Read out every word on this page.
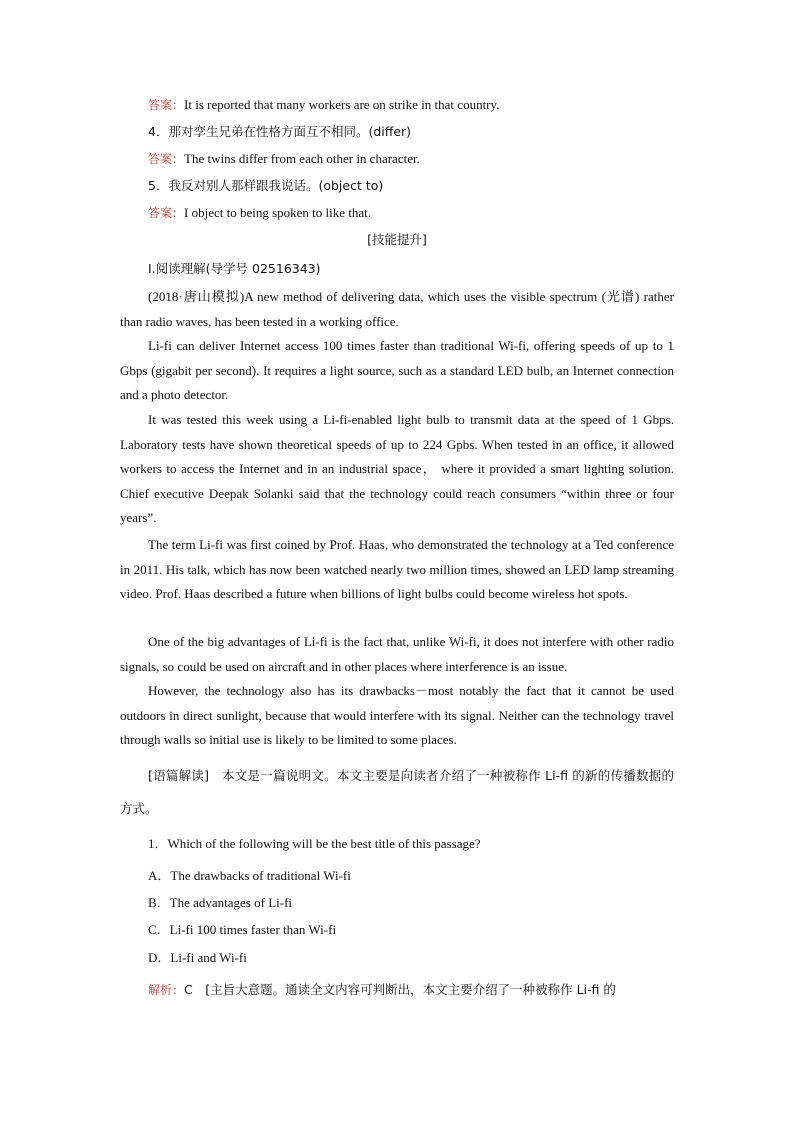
答案：It is reported that many workers are on strike in that country.
4．那对孪生兄弟在性格方面互不相同。(differ)
答案：The twins differ from each other in character.
5．我反对别人那样跟我说话。(object to)
答案：I object to being spoken to like that.
[技能提升]
Ⅰ.阅读理解(导学号 02516343)
(2018·唐山模拟)A new method of delivering data, which uses the visible spectrum (光谱) rather than radio waves, has been tested in a working office.
Li-fi can deliver Internet access 100 times faster than traditional Wi-fi, offering speeds of up to 1 Gbps (gigabit per second). It requires a light source, such as a standard LED bulb, an Internet connection and a photo detector.
It was tested this week using a Li-fi-enabled light bulb to transmit data at the speed of 1 Gbps. Laboratory tests have shown theoretical speeds of up to 224 Gpbs. When tested in an office, it allowed workers to access the Internet and in an industrial space， where it provided a smart lighting solution. Chief executive Deepak Solanki said that the technology could reach consumers “within three or four years”.
The term Li-fi was first coined by Prof. Haas, who demonstrated the technology at a Ted conference in 2011. His talk, which has now been watched nearly two million times, showed an LED lamp streaming video. Prof. Haas described a future when billions of light bulbs could become wireless hot spots.
One of the big advantages of Li-fi is the fact that, unlike Wi-fi, it does not interfere with other radio signals, so could be used on aircraft and in other places where interference is an issue.
However, the technology also has its drawbacks－most notably the fact that it cannot be used outdoors in direct sunlight, because that would interfere with its signal. Neither can the technology travel through walls so initial use is likely to be limited to some places.
[语篇解读]　本文是一篇说明文。本文主要是向读者介绍了一种被称作 Li-fi 的新的传播数据的方式。
1．Which of the following will be the best title of this passage?
A．The drawbacks of traditional Wi-fi
B．The advantages of Li-fi
C．Li-fi 100 times faster than Wi-fi
D．Li-fi and Wi-fi
解析：C　[主旨大意题。通读全文内容可判断出，本文主要介绍了一种被称作 Li-fi 的
